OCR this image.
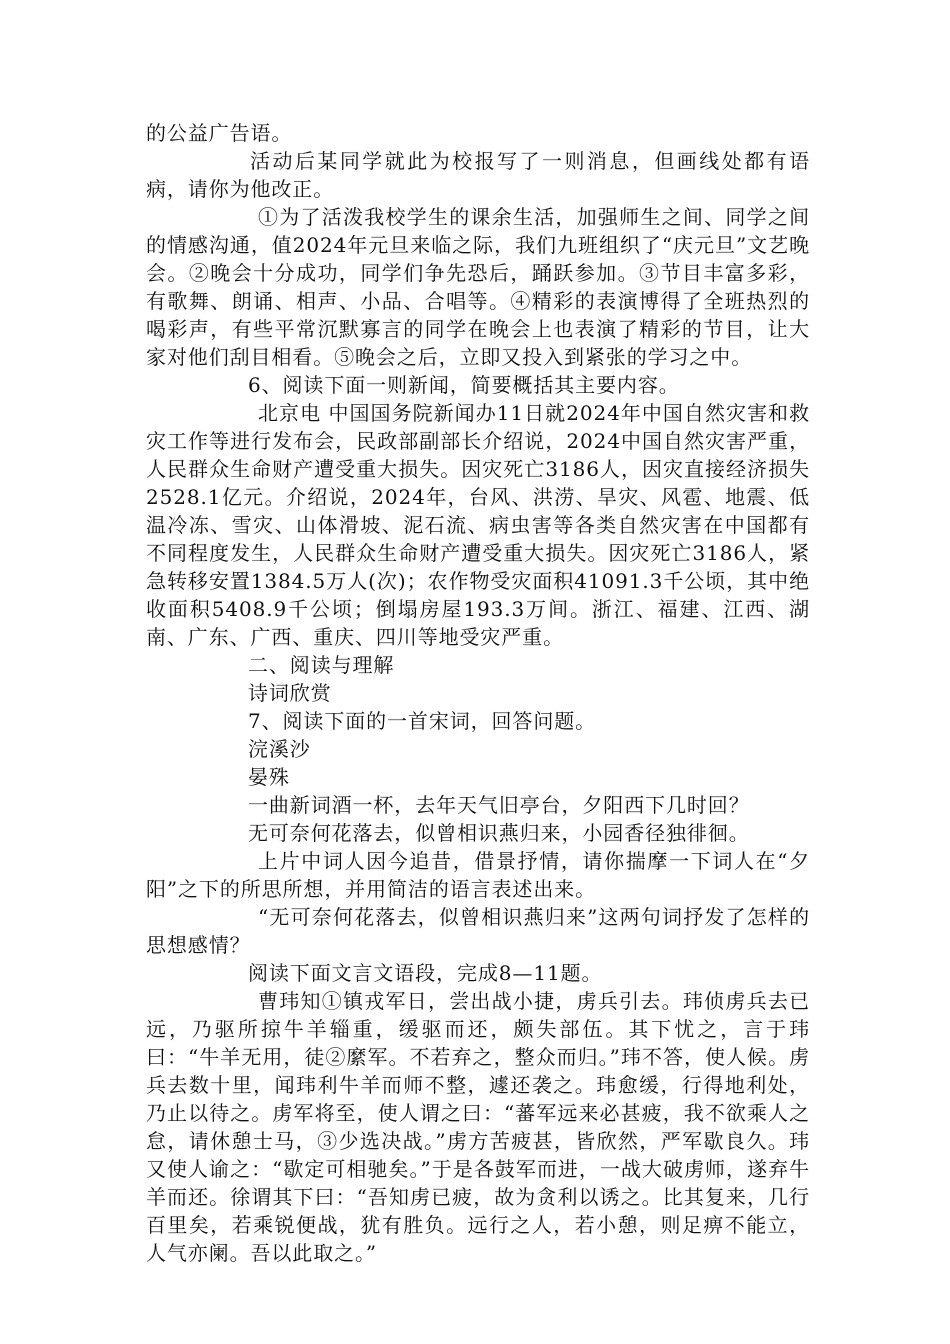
的公益广告语。

活动后某同学就此为校报写了一则消息，但画线处都有语病，请你为他改正。

①为了活泼我校学生的课余生活，加强师生之间、同学之间的情感沟通，值2024年元旦来临之际，我们九班组织了“庆元旦”文艺晚会。②晚会十分成功，同学们争先恐后，踊跃参加。③节目丰富多彩，有歌舞、朗诵、相声、小品、合唱等。④精彩的表演博得了全班热烈的喝彩声，有些平常沉默寡言的同学在晚会上也表演了精彩的节目，让大家对他们刮目相看。⑤晚会之后，立即又投入到紧张的学习之中。

6、阅读下面一则新闻，简要概括其主要内容。

北京电 中国国务院新闻办11日就2024年中国自然灾害和救灾工作等进行发布会，民政部副部长介绍说，2024中国自然灾害严重，人民群众生命财产遭受重大损失。因灾死亡3186人，因灾直接经济损失2528.1亿元。介绍说，2024年，台风、洪涝、旱灾、风雹、地震、低温冷冻、雪灾、山体滑坡、泥石流、病虫害等各类自然灾害在中国都有不同程度发生，人民群众生命财产遭受重大损失。因灾死亡3186人，紧急转移安置1384.5万人(次)；农作物受灾面积41091.3千公顷，其中绝收面积5408.9千公顷；倒塌房屋193.3万间。浙江、福建、江西、湖南、广东、广西、重庆、四川等地受灾严重。

二、阅读与理解

诗词欣赏

7、阅读下面的一首宋词，回答问题。

浣溪沙

晏殊

一曲新词酒一杯，去年天气旧亭台，夕阳西下几时回？

无可奈何花落去，似曾相识燕归来，小园香径独徘徊。

上片中词人因今追昔，借景抒情，请你揣摩一下词人在“夕阳”之下的所思所想，并用简洁的语言表述出来。

“无可奈何花落去，似曾相识燕归来”这两句词抒发了怎样的思想感情？

阅读下面文言文语段，完成8—11题。

曹玮知①镇戎军日，尝出战小捷，虏兵引去。玮侦虏兵去已远，乃驱所掠牛羊辎重，缓驱而还，颇失部伍。其下忧之，言于玮曰：“牛羊无用，徒②縻军。不若弃之，整众而归。”玮不答，使人候。虏兵去数十里，闻玮利牛羊而师不整，遽还袭之。玮愈缓，行得地利处，乃止以待之。虏军将至，使人谓之曰：“蕃军远来必甚疲，我不欲乘人之怠，请休憩士马，③少选决战。”虏方苦疲甚，皆欣然，严军歇良久。玮又使人谕之：“歇定可相驰矣。”于是各鼓军而进，一战大破虏师，遂弃牛羊而还。徐谓其下曰：“吾知虏已疲，故为贪利以诱之。比其复来，几行百里矣，若乘锐便战，犹有胜负。远行之人，若小憩，则足痹不能立，人气亦阑。吾以此取之。”
